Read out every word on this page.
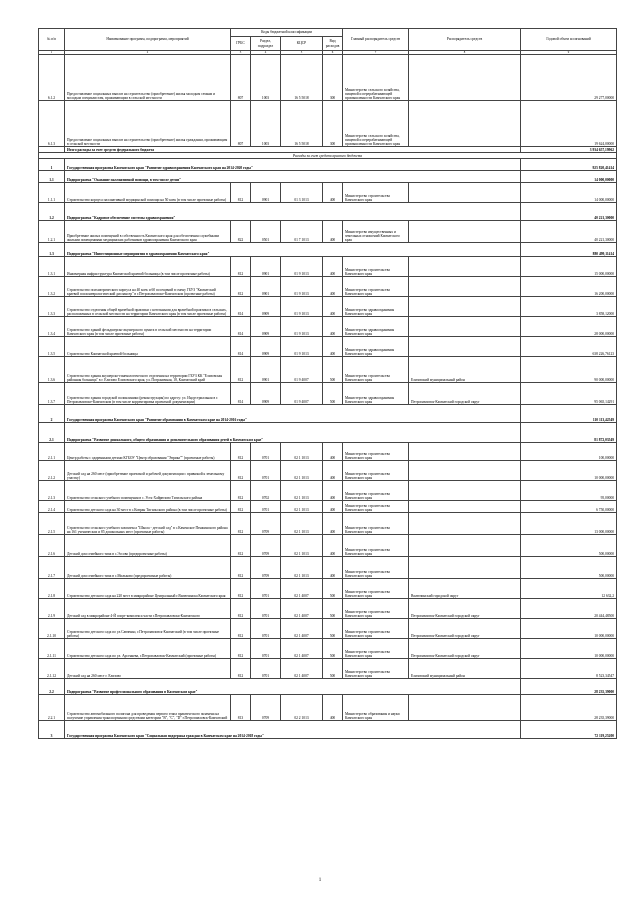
№ п/п	Наименование программ, подпрограмм, мероприятий	Коды бюджетной классификации				Главный распорядитель средств	Распорядитель средств	Годовой объем ассигнований
		ГРБС	Раздел, подраздел	КЦСР	Вид расходов			
1	2	3	4	5	6	7	8	9
6.1.2	Предоставление социальных выплат на строительство (приобретение) жилья молодым семьям и молодым специалистам, проживающим в сельской местности	807	1003	16 5 5018	300	Министерство сельского хозяйства, пищевой и перерабатывающей промышленности Камчатского края		29 277,00000
6.1.3	Предоставление социальных выплат на строительство (приобретение) жилья гражданам, проживающим в сельской местности	807	1003	16 5 5018	300	Министерство сельского хозяйства, пищевой и перерабатывающей промышленности Камчатского края		19 624,00000
	Итого расходы за счет средств федерального бюджета							3 934 657,19962
Расходы за счет средств краевого бюджета								
1	Государственная программа Камчатского края "Развитие здравоохранения Камчатского края на 2014-2020 годы"							925 820,41414
1.1	Подпрограмма "Оказание паллиативной помощи, в том числе детям"							14 000,00000
1.1.1	Строительство корпуса паллиативной медицинской помощи на 50 коек (в том числе проектные работы)	812	0901	01 3 1013	400	Министерство строительства Камчатского края		14 000,00000
1.2	Подпрограмма "Кадровое обеспечение системы здравоохранения"							40 221,30000
1.2.1	Приобретение жилых помещений в собственность Камчатского края для обеспечения служебными жилыми помещениями медицинских работников здравоохранения Камчатского края	822	0501	01 7 1013	400	Министерство имущественных и земельных отношений Камчатского края		40 221,30000
1.3	Подпрограмма "Инвестиционные мероприятия в здравоохранении Камчатского края"							880 499,11414
1.3.1	Инженерная инфраструктура Камчатской краевой больницы (в том числе проектные работы)	812	0901	01 9 1013	400	Министерство строительства Камчатского края		15 000,00000
1.3.2	Строительство психиатрического корпуса на 40 коек и 60 посещений в смену ГБУЗ "Камчатский краевой психоневрологический диспансер" в г.Петропавловске-Камчатском (проектные работы)	812	0901	01 9 1013	400	Министерство строительства Камчатского края		16 200,00000
1.3.3	Строительство отделения общей врачебной практики с котельными для врачебной практики в сельских, расположенных в сельской местности на территории Камчатского края (в том числе проектные работы)	814	0909	01 9 1013	400	Министерство здравоохранения Камчатского края		3 858,12000
1.3.4	Строительство зданий фельдшерско-акушерского пункта в сельской местности на территории Камчатского края (в том числе проектные работы)	814	0909	01 9 1013	400	Министерство здравоохранения Камчатского края		28 000,00000
1.3.5	Строительство Камчатской краевой больницы	814	0909	01 9 1013	400	Министерство здравоохранения Камчатского края		638 226,76123
1.3.6	Строительство здания акушерско-гинекологического отделения на территории ГБУЗ КК "Елизовская районная больница" в г. Елизово Елизовского края, ул. Пограничная, 18, Камчатский край	812	0901	01 9 4007	500	Министерство строительства Камчатского края	Елизовский муниципальный район	90 000,00000
1.3.7	Строительство здания городской поликлиники (реконструкция) по адресу: ул. Индустриальная в г. Петропавловске-Камчатском (в том числе корректировка проектной документации)	814	0909	01 9 4007	500	Министерство здравоохранения Камчатского края	Петропавловск-Камчатский городской округ	95 065,14291
2	Государственная программа Камчатского края "Развитие образования в Камчатском крае на 2014-2016 годы"							110 113,42549
2.1	Подпрограмма "Развитие дошкольного, общего образования и дополнительного образования детей в Камчатском крае"							81 872,03549
2.1.1	Центр работы с одаренными детьми КГБОУ "Центр образования "Эврика"" (проектные работы)	812	0701	02 1 1013	400	Министерство строительства Камчатского края		100,00000
2.1.2	Детский сад на 260 мест (приобретение проектной и рабочей документации с привязкой к земельному участку)	812	0701	02 1 1013	400	Министерство строительства Камчатского края		10 000,00000
2.1.3	Строительство сельского учебного помещения в с. Усть-Хайрюзово Тигильского района	812	0702	02 1 1013	400	Министерство строительства Камчатского края		95,00000
2.1.4	Строительство детского сада на 30 мест в с.Ковран Тигильского района (в том числе проектные работы)	812	0701	02 1 1013	400	Министерство строительства Камчатского края		6 750,00000
2.1.5	Строительство сельского учебного комплекса "Школа - детский сад" в с.Каменское Пенжинского района на 161 ученических и 85 дошкольных мест (проектные работы)	812	0709	02 1 1013	400	Министерство строительства Камчатского края		13 000,00000
2.1.6	Детский дом семейного типа в с.Эссово (предпроектные работы)	812	0709	02 1 1013	400	Министерство строительства Камчатского края		500,00000
2.1.7	Детский дом семейного типа в с.Мильково (предпроектные работы)	812	0709	02 1 1013	400	Министерство строительства Камчатского края		500,00000
2.1.8	Строительство детского сада на 220 мест в микрорайоне Центральный г.Вилючинска Камчатского края	812	0701	02 1 4007	500	Министерство строительства Камчатского края	Вилючинский городской округ	12 632,2
2.1.9	Детский сад в микрорайоне 4-Й спорт-комплекса части г.Петропавловска-Камчатского	812	0701	02 1 4007	500	Министерство строительства Камчатского края	Петропавловск-Камчатский городской округ	20 444,48500
2.1.10	Строительство детского сада по ул.Савченко, г.Петропавловск-Камчатский (в том числе проектные работы)	812	0701	02 1 4007	500	Министерство строительства Камчатского края	Петропавловск-Камчатский городской округ	10 000,00000
2.1.11	Строительство детского сада по ул. Арсеньева, г.Петропавловск-Камчатский (проектные работы)	812	0701	02 1 4007	500	Министерство строительства Камчатского края	Петропавловск-Камчатский городской округ	10 000,00000
2.1.12	Детский сад на 260 мест г. Елизово	812	0701	02 1 4007	500	Министерство строительства Камчатского края	Елизовский муниципальный район	8 523,34547
2.2	Подпрограмма "Развитие профессионального образования в Камчатском крае"							28 235,39000
2.2.1	Строительство автомобильного полигона для проведения первого этапа практического экзамена на получение управления транспортными средствами категории "В", "С", "D" г.Петропавловск-Камчатский	813	0709	02 2 1013	400	Министерство образования и науки Камчатского края		28 235,39000
3	Государственная программа Камчатского края "Социальная поддержка граждан в Камчатском крае на 2014-2018 годы"							72 119,25200
1
